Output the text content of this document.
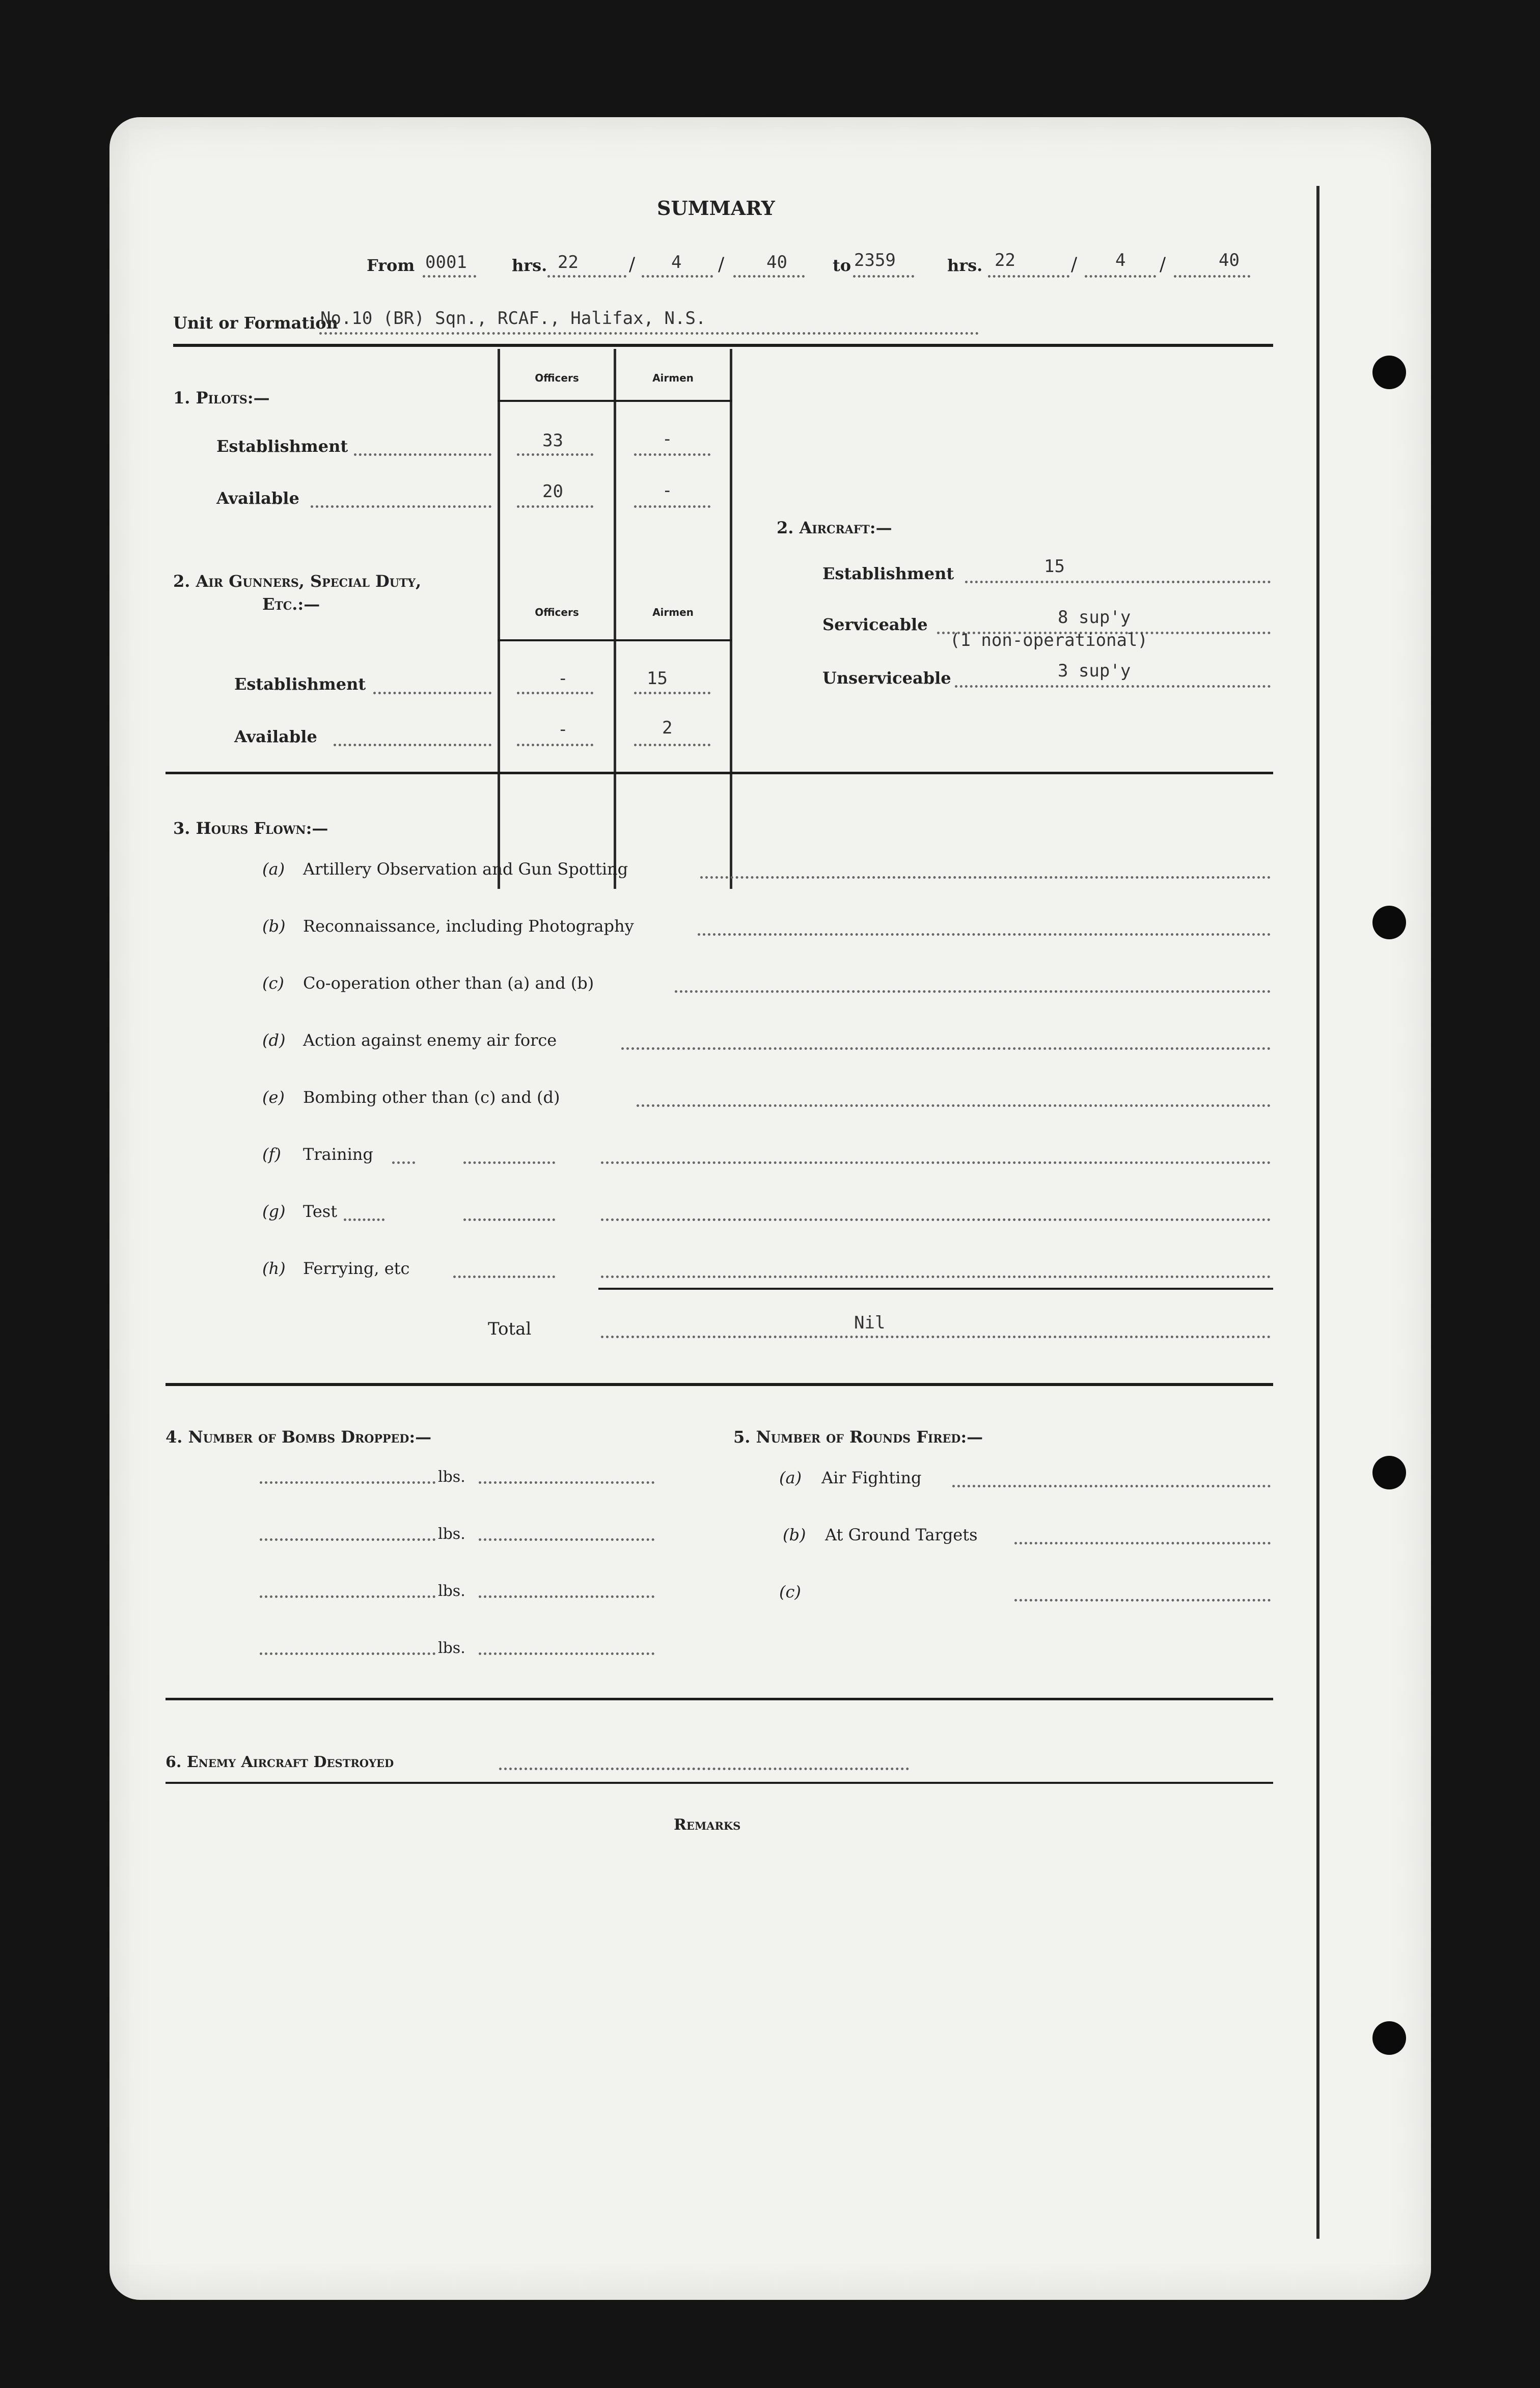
SUMMARY
From 0001	hrs. 22	/ 4 / 40	to 2359	hrs. 22	/ 4 /	40
Unit or Formation
No.10 (BR) Sqn., RCAF., Halifax, N.S.
Officers	Airmen
1. Pilots:—
Establishment	33	-
Available	20	-
2. Air Gunners, Special Duty,
Etc.:—	Officers	Airmen
Establishment	-	15
Available	-	2
2. Aircraft:—
Establishment	15
Serviceable	8 sup'y
(1 non-operational)
Unserviceable	3 sup'y
3. Hours Flown:—
(a) Artillery Observation and Gun Spotting
(b) Reconnaissance, including Photography
(c) Co-operation other than (a) and (b)
(d) Action against enemy air force
(e) Bombing other than (c) and (d)
(f) Training
(g) Test
(h) Ferrying, etc
Total	Nil
4. Number of Bombs Dropped:—
lbs.
lbs.
lbs.
lbs.
5. Number of Rounds Fired:—
(a) Air Fighting
(b) At Ground Targets
(c)
6. Enemy Aircraft Destroyed
Remarks
